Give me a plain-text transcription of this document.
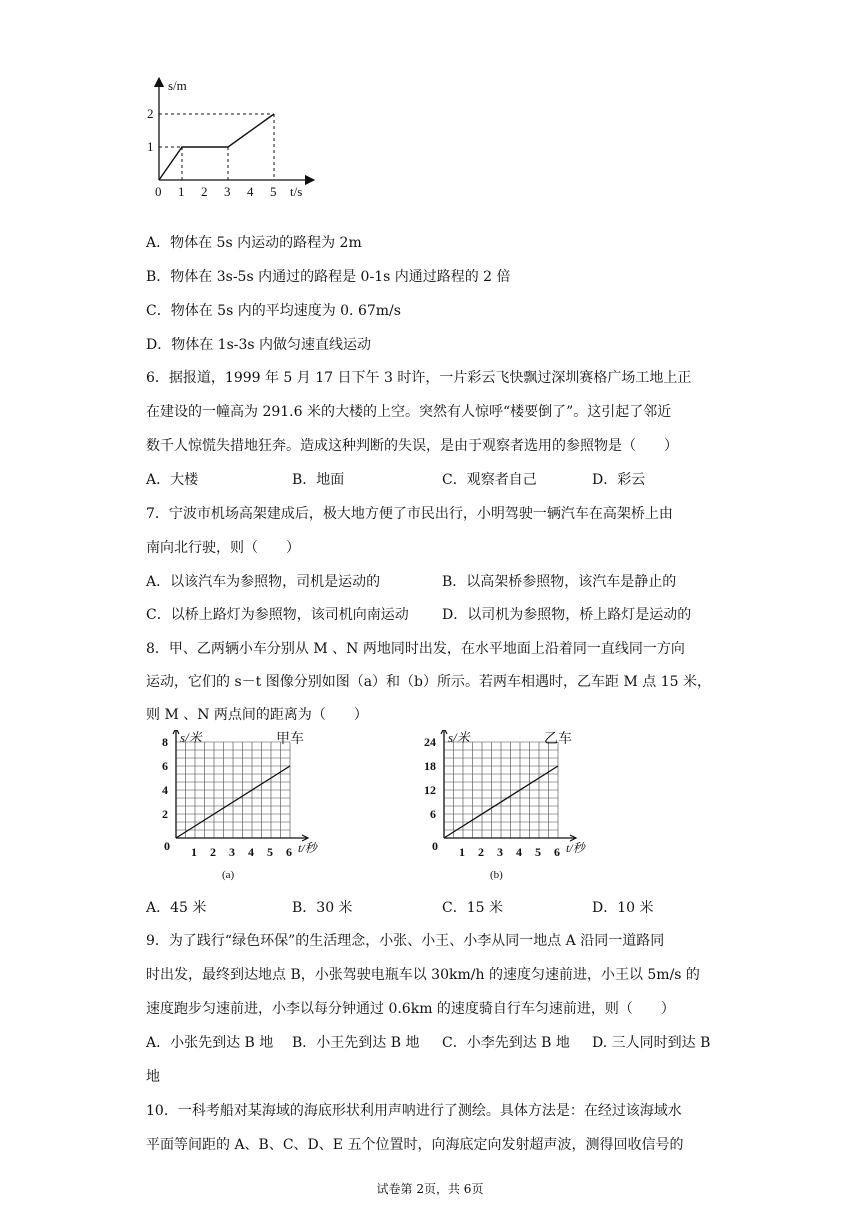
s/m
t/s
2
1
0 1 2 3	5
4
A．物体在 5s 内运动的路程为 2m
B．物体在 3s-5s 内通过的路程是 0-1s 内通过路程的 2 倍
C．物体在 5s 内的平均速度为 0. 67m/s
D．物体在 1s-3s 内做匀速直线运动
6．据报道，1999 年 5 月 17 日下午 3 时许，一片彩云飞快飘过深圳赛格广场工地上正
在建设的一幢高为 291.6 米的大楼的上空。突然有人惊呼“楼要倒了”。这引起了邻近
数千人惊慌失措地狂奔。造成这种判断的失误，是由于观察者选用的参照物是（　　）
A．大楼	B．地面	C．观察者自己	D．彩云
7．宁波市机场高架建成后，极大地方便了市民出行，小明驾驶一辆汽车在高架桥上由
南向北行驶，则（　　）
A．以该汽车为参照物，司机是运动的	B．以高架桥参照物，该汽车是静止的
C．以桥上路灯为参照物，该司机向南运动 D．以司机为参照物，桥上路灯是运动的
8．甲、乙两辆小车分别从 M 、N 两地同时出发，在水平地面上沿着同一直线同一方向
运动，它们的 s－t 图像分别如图（a）和（b）所示。若两车相遇时，乙车距 M 点 15 米，
则 M 、N 两点间的距离为（　　）
s/米	甲车
t/秒
0 1 2 3 4 5 6
8
6
4
2
(a)
s/米	乙车
t/秒
0 1 2 3 4 5 6
24
18
12
6
(b)
A．45 米	B．30 米	C．15 米	D．10 米
9．为了践行“绿色环保”的生活理念，小张、小王、小李从同一地点 A 沿同一道路同
时出发，最终到达地点 B，小张驾驶电瓶车以 30km/h 的速度匀速前进，小王以 5m/s 的
速度跑步匀速前进，小李以每分钟通过 0.6km 的速度骑自行车匀速前进，则（　　）
A．小张先到达 B 地 B．小王先到达 B 地 C．小李先到达 B 地 D. 三人同时到达 B
地
10．一科考船对某海域的海底形状利用声呐进行了测绘。具体方法是：在经过该海域水
平面等间距的 A、B、C、D、E 五个位置时，向海底定向发射超声波，测得回收信号的
试卷第 2页，共 6页
